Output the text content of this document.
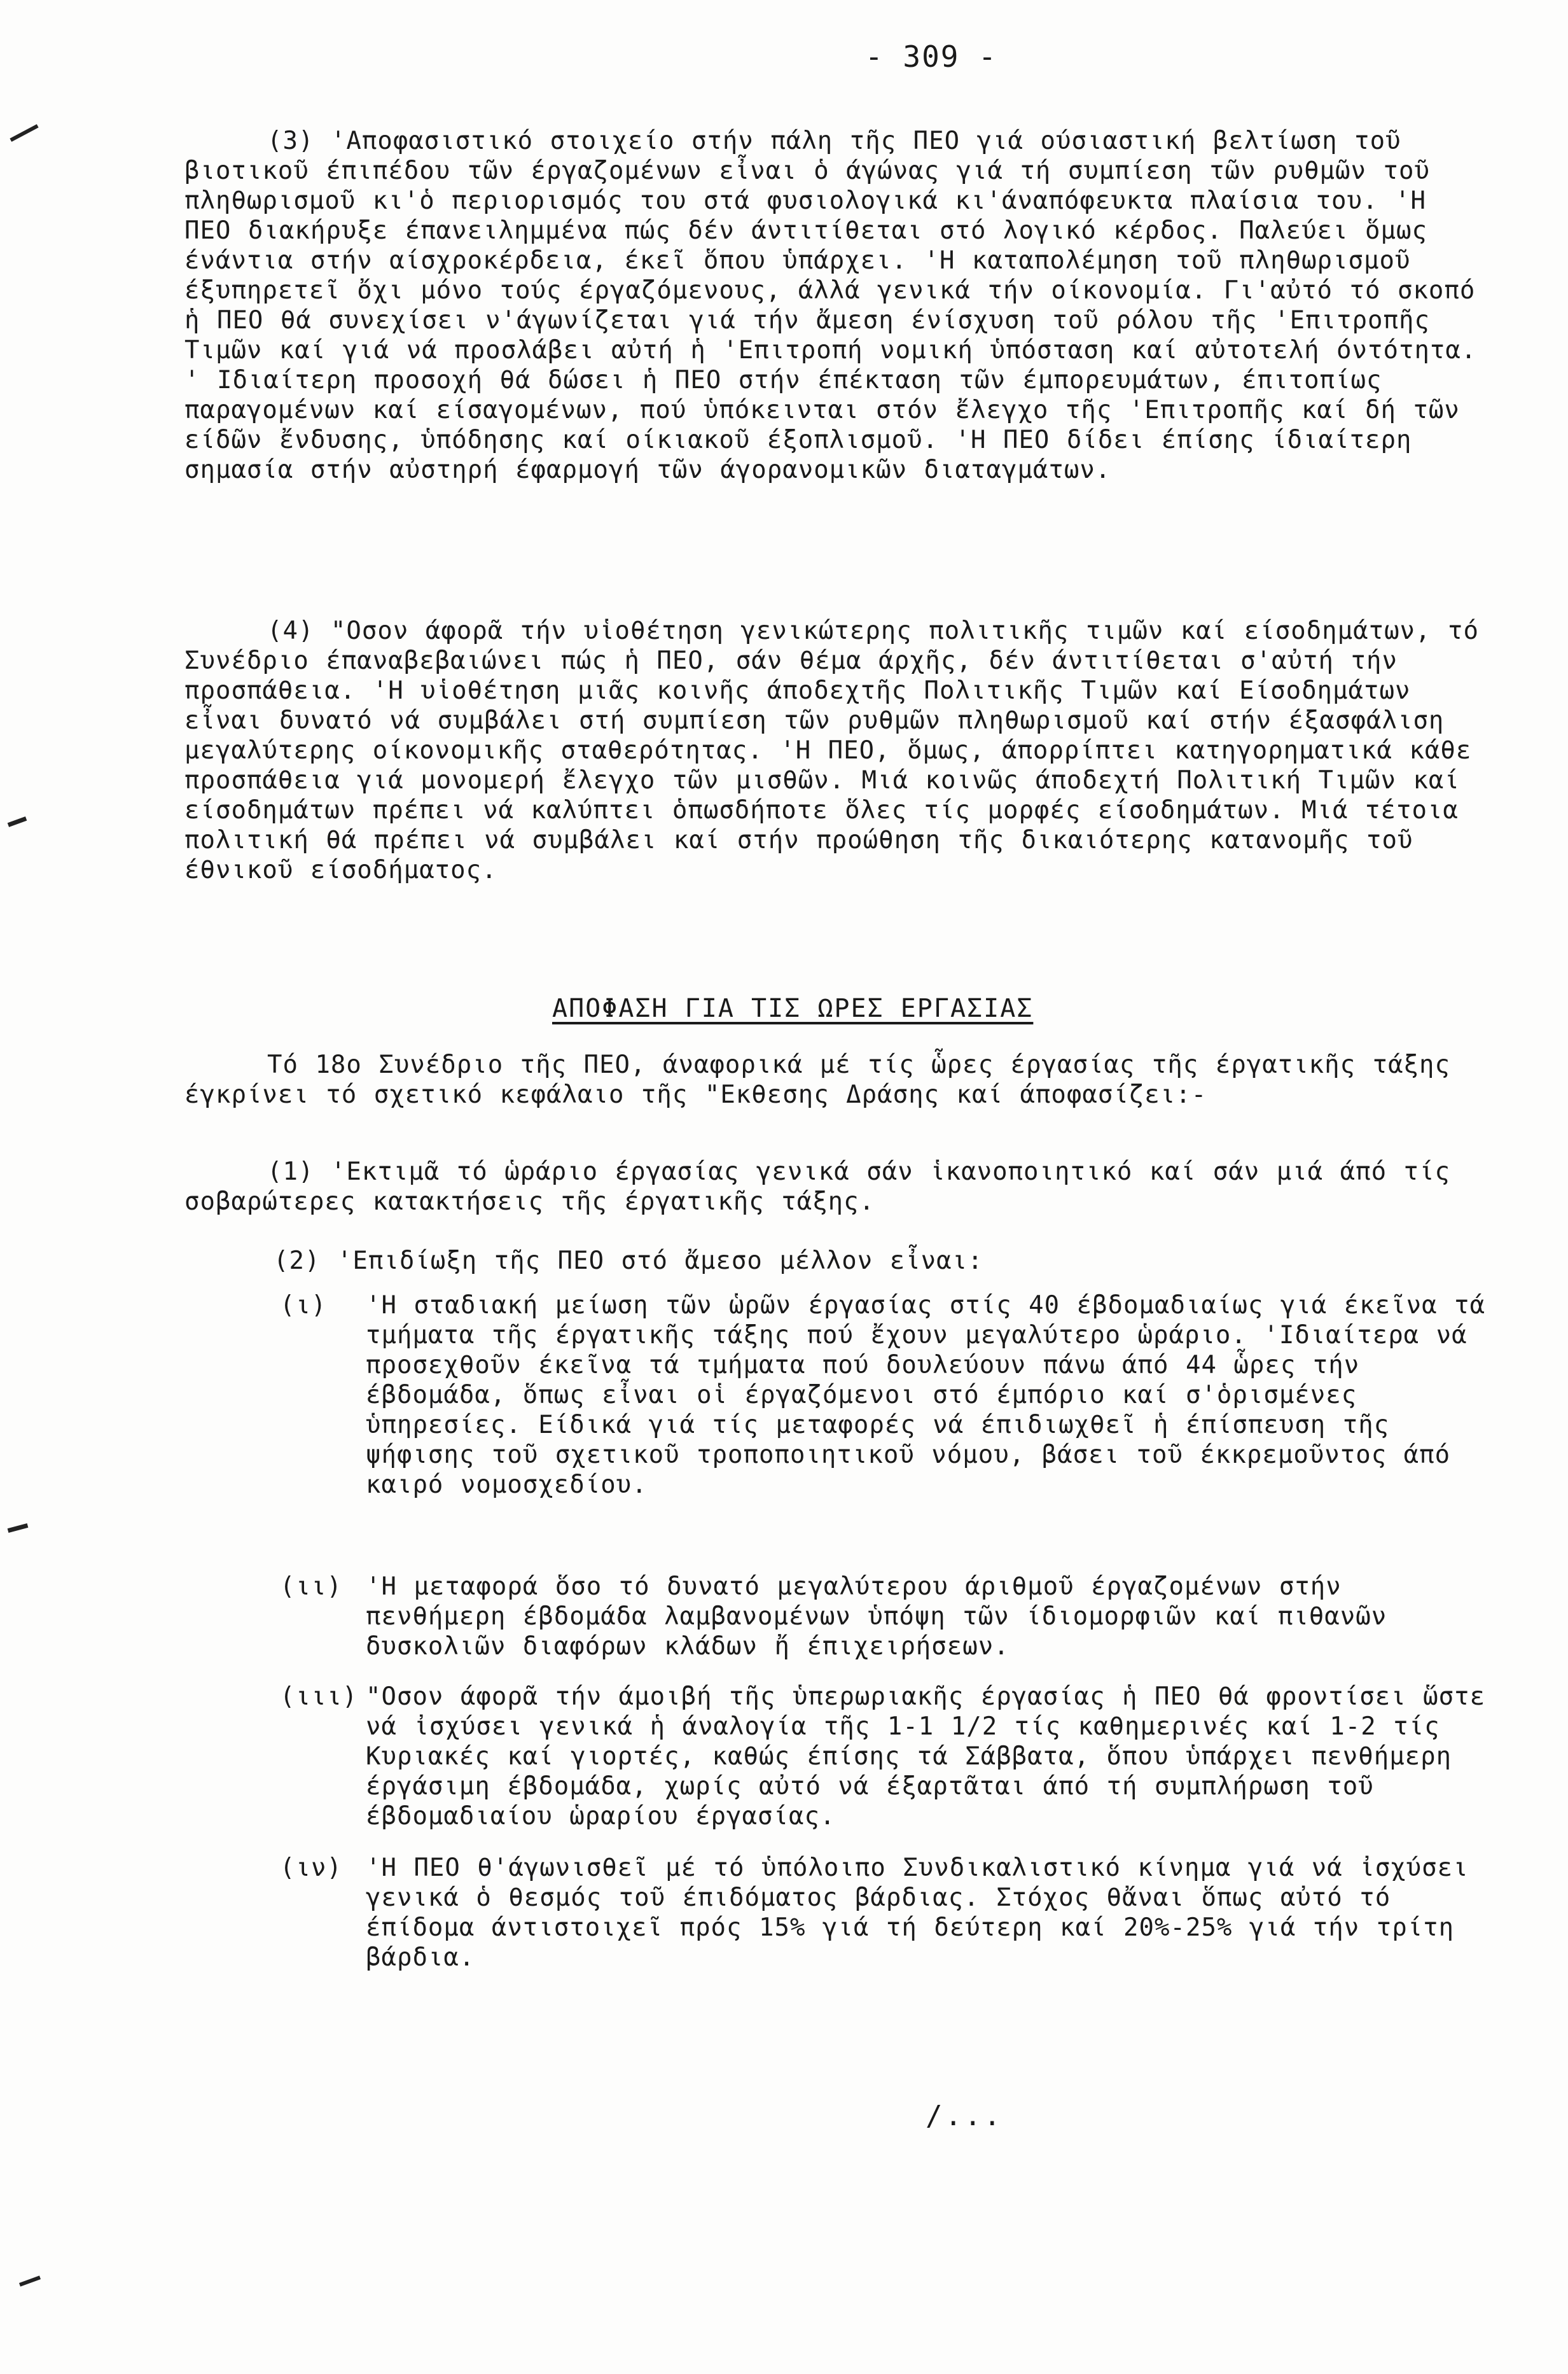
- 309 -

(3) 'Αποφασιστικό στοιχείο στήν πάλη τῆς ΠΕΟ γιά ούσιαστική βελτίωση τοῦ βιοτικοῦ έπιπέδου τῶν έργαζομένων εἶναι ὁ άγώνας γιά τή συμπίεση τῶν ρυθμῶν τοῦ πληθωρισμοῦ κι'ὁ περιορισμός του στά φυσιολογικά κι'άναπόφευκτα πλαίσια του. 'Η ΠΕΟ διακήρυξε έπανειλημμένα πώς δέν άντιτίθεται στό λογικό κέρδος. Παλεύει ὅμως ένάντια στήν αίσχροκέρδεια, έκεῖ ὅπου ὑπάρχει. 'Η καταπολέμηση τοῦ πληθωρισμοῦ έξυπηρετεῖ ὄχι μόνο τούς έργαζόμενους, άλλά γενικά τήν οίκονομία. Γι'αὐτό τό σκοπό ἡ ΠΕΟ θά συνεχίσει ν'άγωνίζεται γιά τήν ἄμεση ένίσχυση τοῦ ρόλου τῆς 'Επιτροπῆς Τιμῶν καί γιά νά προσλάβει αὐτή ἡ 'Επιτροπή νομική ὑπόσταση καί αὐτοτελή όντότητα. ' Ιδιαίτερη προσοχή θά δώσει ἡ ΠΕΟ στήν έπέκταση τῶν έμπορευμάτων, έπιτοπίως παραγομένων καί είσαγομένων, πού ὑπόκεινται στόν ἔλεγχο τῆς 'Επιτροπῆς καί δή τῶν είδῶν ἔνδυσης, ὑπόδησης καί οίκιακοῦ έξοπλισμοῦ. 'Η ΠΕΟ δίδει έπίσης ίδιαίτερη σημασία στήν αὐστηρή έφαρμογή τῶν άγορανομικῶν διαταγμάτων.

(4) "Οσον άφορᾶ τήν υἱοθέτηση γενικώτερης πολιτικῆς τιμῶν καί είσοδημάτων, τό Συνέδριο έπαναβεβαιώνει πώς ἡ ΠΕΟ, σάν θέμα άρχῆς, δέν άντιτίθεται σ'αὐτή τήν προσπάθεια. 'Η υἱοθέτηση μιᾶς κοινῆς άποδεχτῆς Πολιτικῆς Τιμῶν καί Είσοδημάτων εἶναι δυνατό νά συμβάλει στή συμπίεση τῶν ρυθμῶν πληθωρισμοῦ καί στήν έξασφάλιση μεγαλύτερης οίκονομικῆς σταθερότητας. 'Η ΠΕΟ, ὅμως, άπορρίπτει κατηγορηματικά κάθε προσπάθεια γιά μονομερή ἔλεγχο τῶν μισθῶν. Μιά κοινῶς άποδεχτή Πολιτική Τιμῶν καί είσοδημάτων πρέπει νά καλύπτει ὁπωσδήποτε ὅλες τίς μορφές είσοδημάτων. Μιά τέτοια πολιτική θά πρέπει νά συμβάλει καί στήν προώθηση τῆς δικαιότερης κατανομῆς τοῦ έθνικοῦ είσοδήματος.

ΑΠΟΦΑΣΗ ΓΙΑ ΤΙΣ ΩΡΕΣ ΕΡΓΑΣΙΑΣ

Τό 18ο Συνέδριο τῆς ΠΕΟ, άναφορικά μέ τίς ὧρες έργασίας τῆς έργατικῆς τάξης έγκρίνει τό σχετικό κεφάλαιο τῆς "Εκθεσης Δράσης καί άποφασίζει:-

(1) 'Εκτιμᾶ τό ὡράριο έργασίας γενικά σάν ἱκανοποιητικό καί σάν μιά άπό τίς σοβαρώτερες κατακτήσεις τῆς έργατικῆς τάξης.
(2) 'Επιδίωξη τῆς ΠΕΟ στό ἄμεσο μέλλον εἶναι:
(ι) 'Η σταδιακή μείωση τῶν ὡρῶν έργασίας στίς 40 έβδομαδιαίως γιά έκεῖνα τά τμήματα τῆς έργατικῆς τάξης πού ἔχουν μεγαλύτερο ὡράριο. 'Ιδιαίτερα νά προσεχθοῦν έκεῖνα τά τμήματα πού δουλεύουν πάνω άπό 44 ὧρες τήν έβδομάδα, ὅπως εἶναι οἱ έργαζόμενοι στό έμπόριο καί σ'ὁρισμένες ὑπηρεσίες. Είδικά γιά τίς μεταφορές νά έπιδιωχθεῖ ἡ έπίσπευση τῆς ψήφισης τοῦ σχετικοῦ τροποποιητικοῦ νόμου, βάσει τοῦ έκκρεμοῦντος άπό καιρό νομοσχεδίου.
(ιι) 'Η μεταφορά ὅσο τό δυνατό μεγαλύτερου άριθμοῦ έργαζομένων στήν πενθήμερη έβδομάδα λαμβανομένων ὑπόψη τῶν ίδιομορφιῶν καί πιθανῶν δυσκολιῶν διαφόρων κλάδων ἤ έπιχειρήσεων.
(ιιι) "Οσον άφορᾶ τήν άμοιβή τῆς ὑπερωριακῆς έργασίας ἡ ΠΕΟ θά φροντίσει ὥστε νά ἰσχύσει γενικά ἡ άναλογία τῆς 1-1 1/2 τίς καθημερινές καί 1-2 τίς Κυριακές καί γιορτές, καθώς έπίσης τά Σάββατα, ὅπου ὑπάρχει πενθήμερη έργάσιμη έβδομάδα, χωρίς αὐτό νά έξαρτᾶται άπό τή συμπλήρωση τοῦ έβδομαδιαίου ὡραρίου έργασίας.
(ιν) 'Η ΠΕΟ θ'άγωνισθεῖ μέ τό ὑπόλοιπο Συνδικαλιστικό κίνημα γιά νά ἰσχύσει γενικά ὁ θεσμός τοῦ έπιδόματος βάρδιας. Στόχος θἄναι ὅπως αὐτό τό έπίδομα άντιστοιχεῖ πρός 15% γιά τή δεύτερη καί 20%-25% γιά τήν τρίτη βάρδια.
/...
